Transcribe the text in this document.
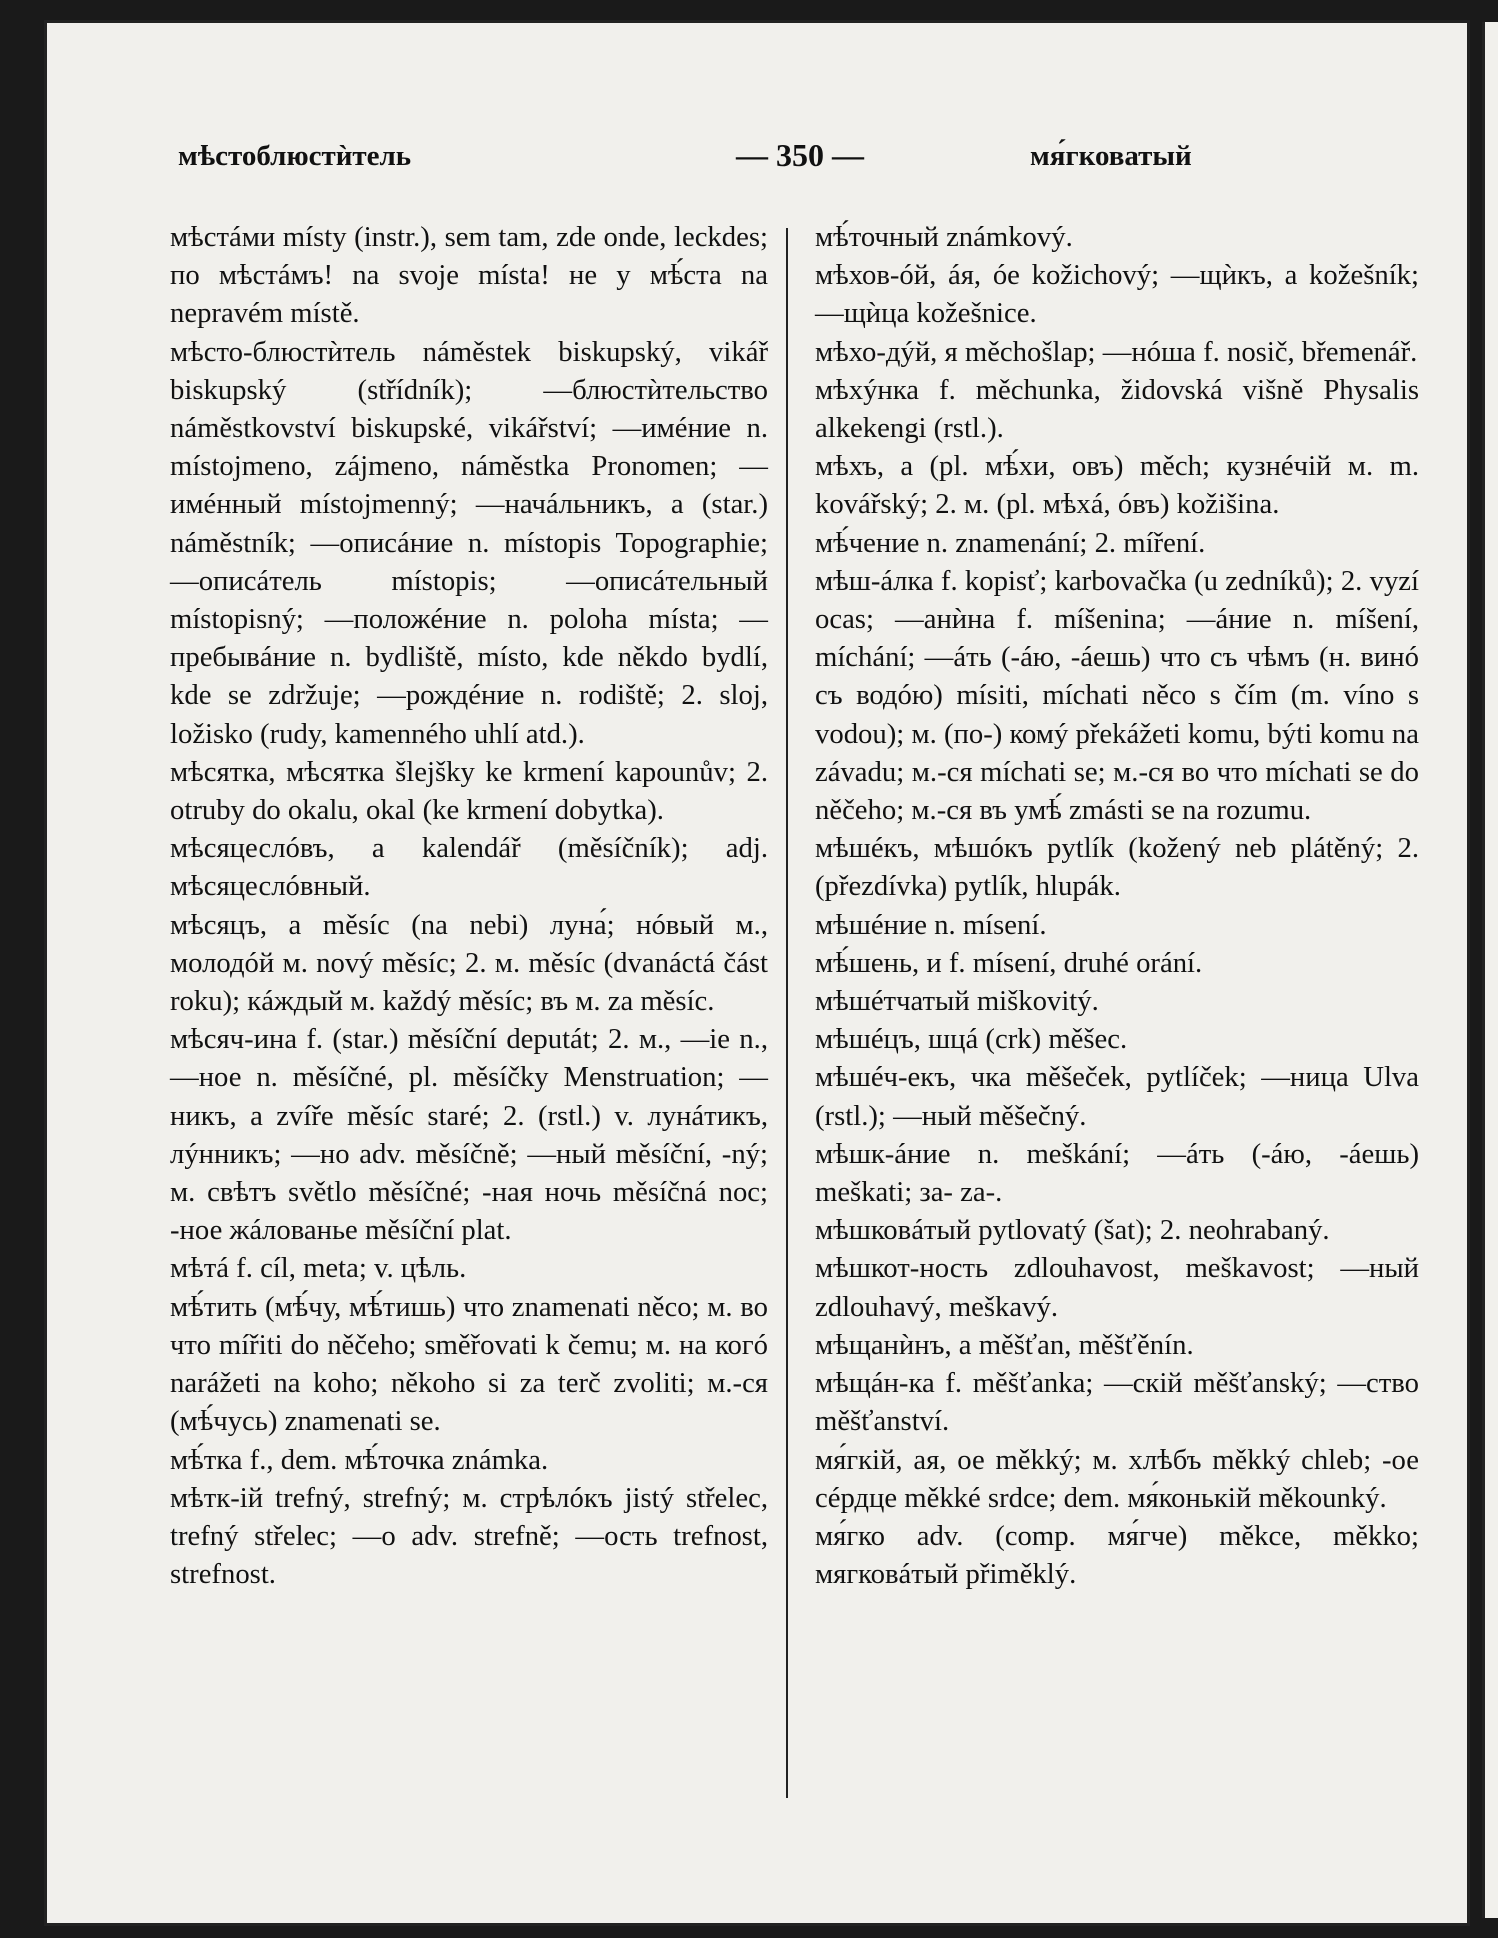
мѣстоблюстѝтель	— 350 —	мя́гковатый

мѣстáми místy (instr.), sem tam, zde onde, leckdes; по мѣстáмъ! na svoje místa! не у мѣ́ста na nepravém místě.

мѣсто-блюстѝтель náměstek biskupský, vikář biskupský (střídník); —блюстѝтельство náměstkovství biskupské, vikářství; —имéние n. místojmeno, zájmeno, náměstka Pronomen; —имéнный místojmenný; —начáльникъ, a (star.) náměstník; —описáние n. místopis Topographie; —описáтель místopis; —описáтельный místopisný; —положéние n. poloha místa; —пребывáние n. bydliště, místo, kde někdo bydlí, kde se zdržuje; —рождéние n. rodiště; 2. sloj, ložisko (rudy, kamenného uhlí atd.).

мѣсятка, мѣсятка šlejšky ke krmení kapounův; 2. otruby do okalu, okal (ke krmení dobytka).

мѣсяцеслóвъ, a kalendář (měsíčník); adj. мѣсяцеслóвный.

мѣсяцъ, a měsíc (na nebi) луна́; нóвый м., молодóй м. nový měsíc; 2. м. měsíc (dvanáctá část roku); кáждый м. každý měsíc; въ м. za měsíc.

мѣсяч-ина f. (star.) měsíční deputát; 2. м., —ie n., —ное n. měsíčné, pl. měsíčky Menstruation; —никъ, a zvíře měsíc staré; 2. (rstl.) v. лунáтикъ, лýнникъ; —но adv. měsíčně; —ный měsíční, -ný; м. свѣтъ světlo měsíčné; -ная ночь měsíčná noc; -ное жáлованье měsíční plat.

мѣтá f. cíl, meta; v. цѣль.

мѣ́тить (мѣ́чу, мѣ́тишь) что znamenati něco; м. во что mířiti do něčeho; směřovati k čemu; м. на когó narážeti na koho; někoho si za terč zvoliti; м.-ся (мѣ́чусь) znamenati se.

мѣ́тка f., dem. мѣ́точка známka.

мѣтк-ій trefný, strefný; м. стрѣлóкъ jistý střelec, trefný střelec; —o adv. strefně; —ость trefnost, strefnost.

мѣ́точный známkový.

мѣхов-óй, áя, óе kožichový; —щѝкъ, a kožešník; —щѝца kožešnice.

мѣхо-дýй, я měchošlap; —нóша f. nosič, břemenář.

мѣхýнка f. měchunka, židovská višně Physalis alkekengi (rstl.).

мѣхъ, a (pl. мѣ́хи, овъ) měch; кузнéчій м. m. kovářský; 2. м. (pl. мѣхá, óвъ) kožišina.

мѣ́чение n. znamenání; 2. míření.

мѣш-áлка f. kopisť; karbovačka (u zedníků); 2. vyzí ocas; —анѝна f. míšenina; —áние n. míšení, míchání; —áть (-áю, -áешь) что съ чѣмъ (н. винó съ водóю) mísiti, míchati něco s čím (m. víno s vodou); м. (по-) комý překážeti komu, býti komu na závadu; м.-ся míchati se; м.-ся во что míchati se do něčeho; м.-ся въ умѣ́ zmásti se na rozumu.

мѣшéкъ, мѣшóкъ pytlík (kožený neb plátěný; 2. (přezdívka) pytlík, hlupák.

мѣшéние n. mísení.

мѣ́шень, и f. mísení, druhé orání.

мѣшéтчатый miškovitý.

мѣшéцъ, шцá (crk) měšec.

мѣшéч-екъ, чка měšeček, pytlíček; —ница Ulva (rstl.); —ный měšečný.

мѣшк-áние n. meškání; —áть (-áю, -áешь) meškati; за- za-.

мѣшковáтый pytlovatý (šat); 2. neohrabaný.

мѣшкот-ность zdlouhavost, meškavost; —ный zdlouhavý, meškavý.

мѣщанѝнъ, a měšťan, měšťěnín.

мѣщáн-ка f. měšťanka; —скій měšťanský; —ство měšťanství.

мя́гкій, ая, ое měkký; м. хлѣбъ měkký chleb; -ое сéрдце měkké srdce; dem. мя́конькій měkounký.

мя́гко adv. (comp. мя́гче) měkce, měkko; мягковáтый přiměklý.
